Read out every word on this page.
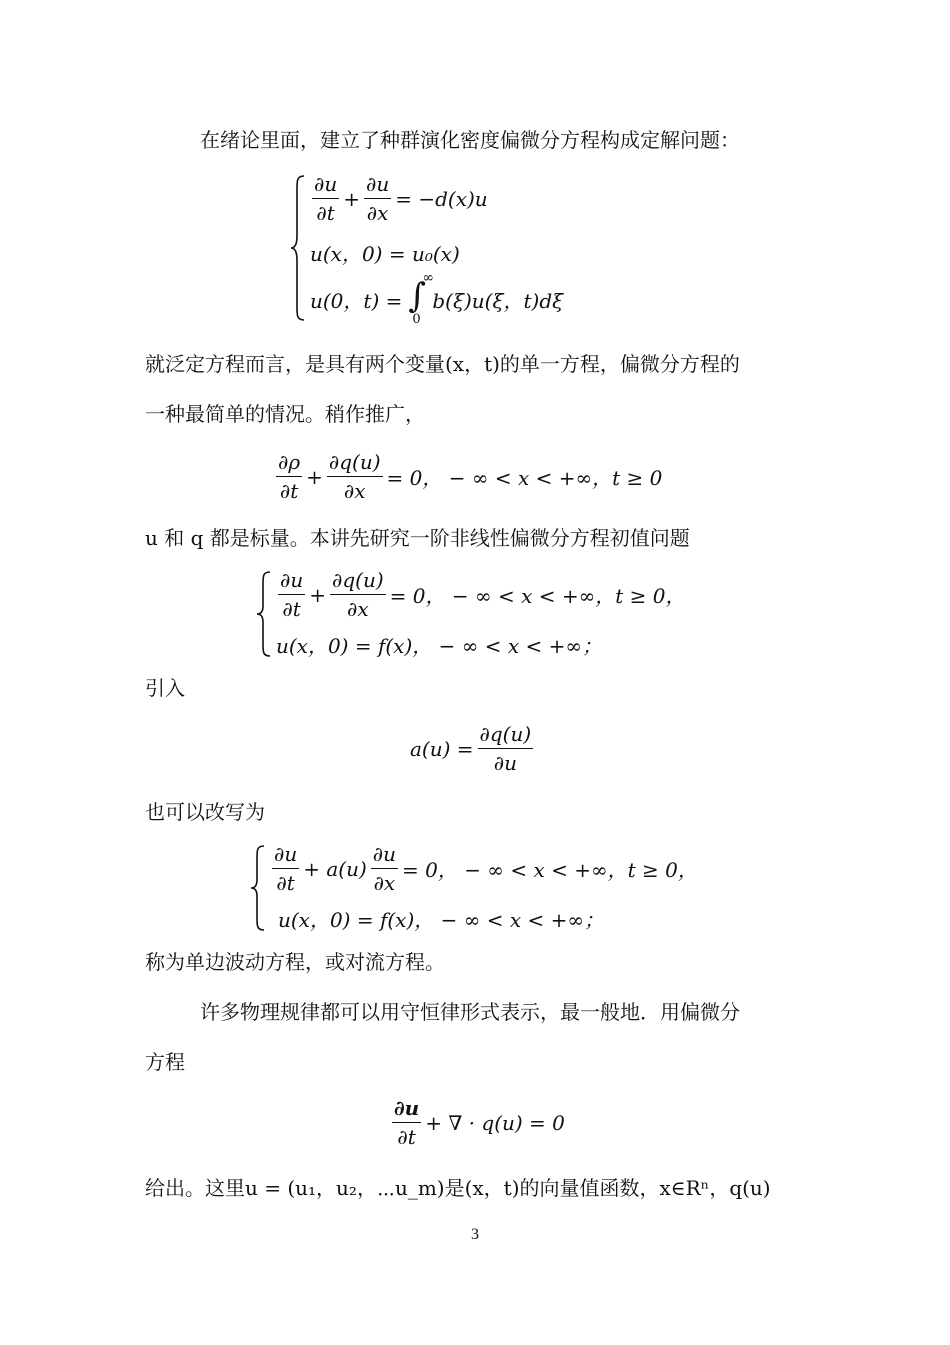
在绪论里面，建立了种群演化密度偏微分方程构成定解问题：
$\frac{\partial u}{\partial t} + \frac{\partial u}{\partial x} = -d(x)u$
u(x，0) = u₀(x)
u(0，t) = ∫
∞
0
b(ξ)u(ξ，t)dξ
就泛定方程而言，是具有两个变量(x，t)的单一方程，偏微分方程的
一种最简单的情况。稍作推广，
$\frac{\partial\rho}{\partial t} + \frac{\partial q(u)}{\partial x} = 0$， − ∞ < x < +∞，t ≥ 0
u 和 q 都是标量。本讲先研究一阶非线性偏微分方程初值问题
$\frac{\partial u}{\partial t} + \frac{\partial q(u)}{\partial x} = 0$， − ∞ < x < +∞，t ≥ 0，
u(x，0) = f(x)， − ∞ < x < +∞；
引入
$a(u) = \frac{\partial q(u)}{\partial u}$
也可以改写为
$\frac{\partial u}{\partial t} + a(u) \frac{\partial u}{\partial x} = 0$， − ∞ < x < +∞，t ≥ 0，
u(x，0) = f(x)， − ∞ < x < +∞；
称为单边波动方程，或对流方程。
许多物理规律都可以用守恒律形式表示，最一般地．用偏微分
方程
$\frac{\partial u}{\partial t}$ + ∇ · q(u) = 0
给出。这里u = (u₁，u₂，⋯u_m)是(x，t)的向量值函数，x∈Rⁿ，q(u)
3
